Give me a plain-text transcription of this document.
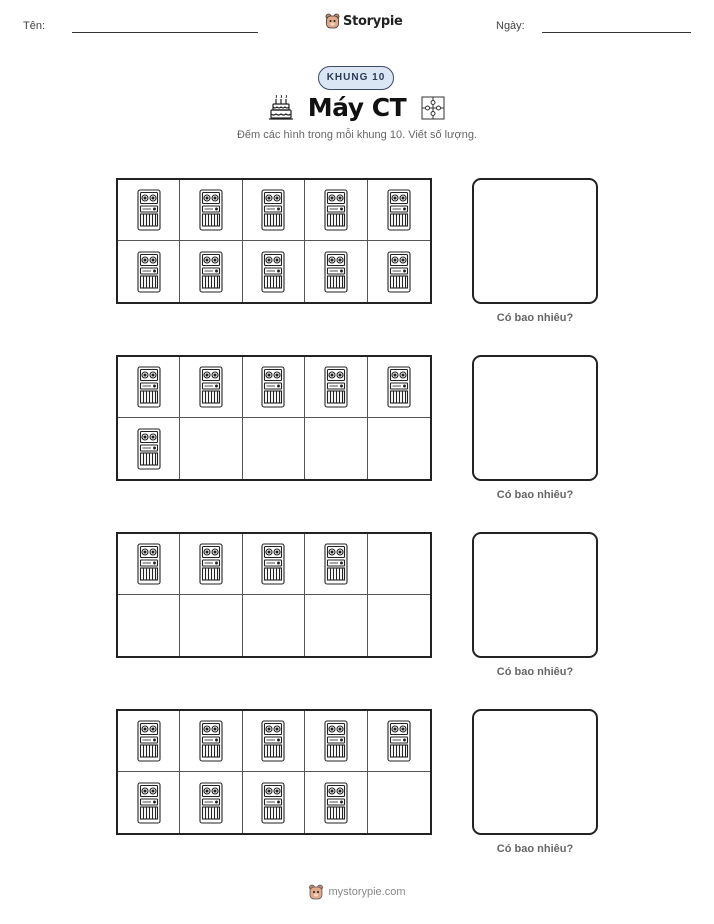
Tên:	Storypie	Ngày:
KHUNG 10
Máy CT
Đếm các hình trong mỗi khung 10. Viết số lượng.
Có bao nhiêu?
Có bao nhiêu?
Có bao nhiêu?
Có bao nhiêu?
mystorypie.com
